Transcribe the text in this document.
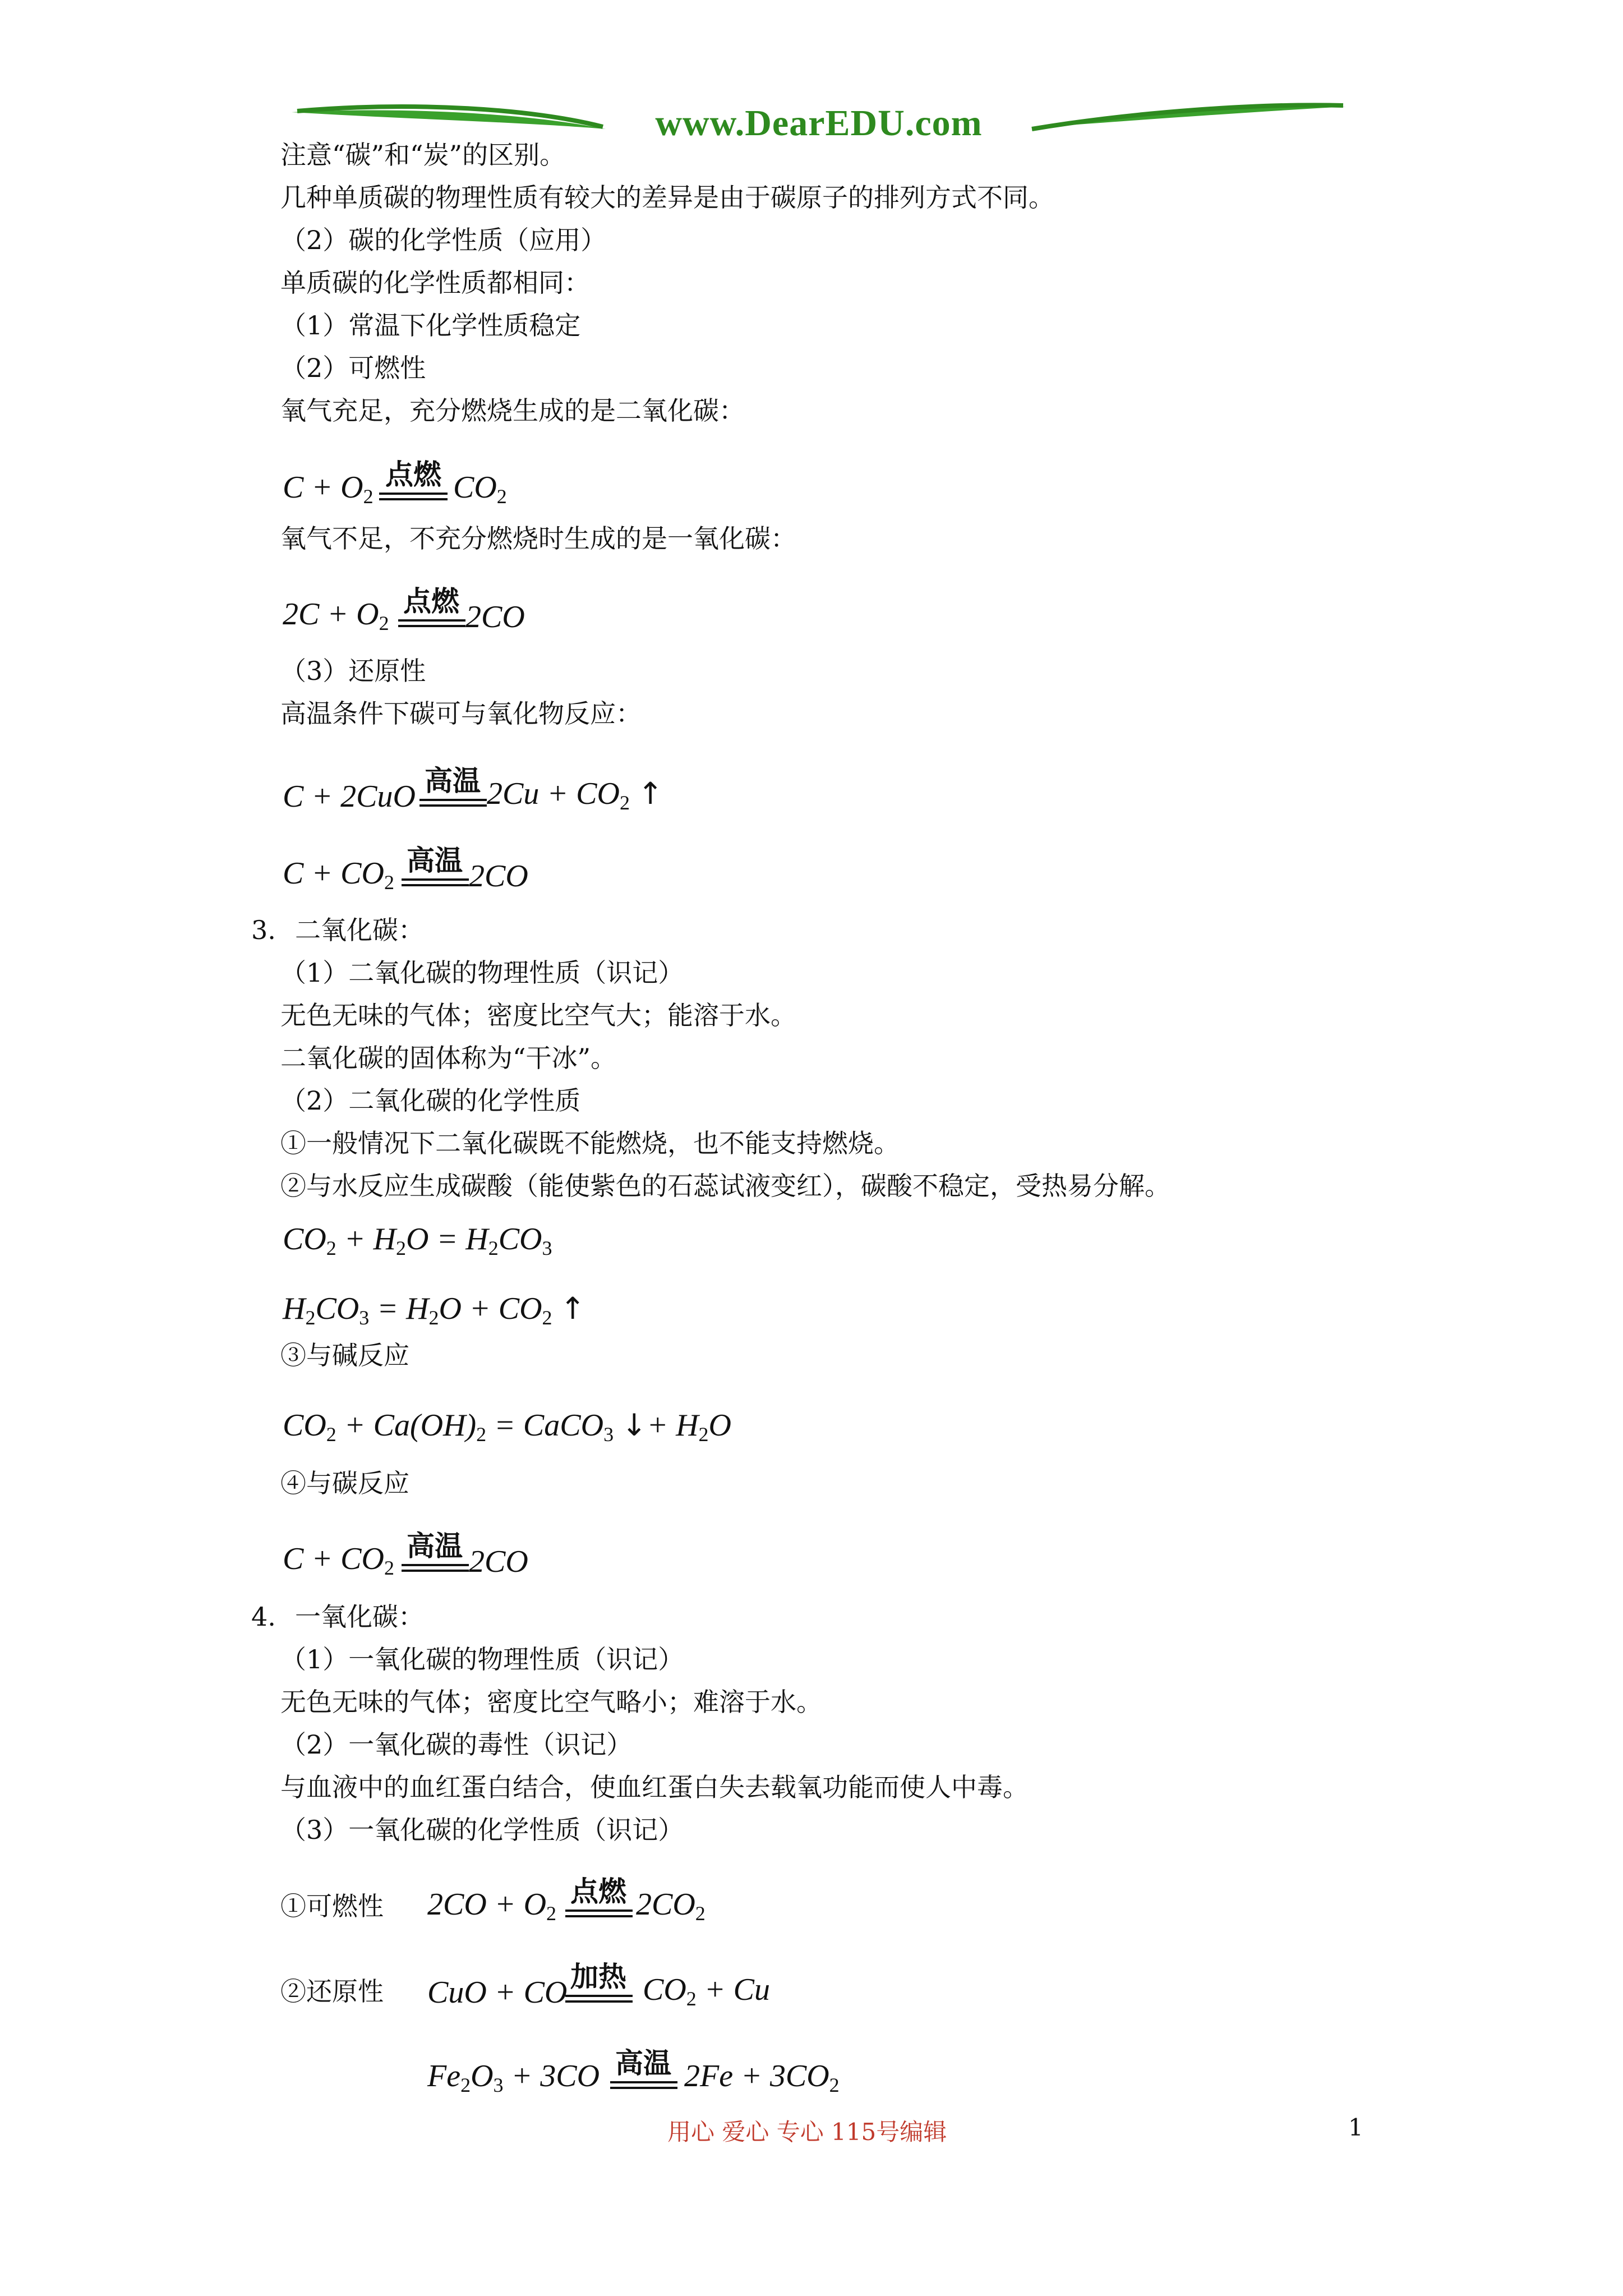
www.DearEDU.com
注意“碳”和“炭”的区别。
几种单质碳的物理性质有较大的差异是由于碳原子的排列方式不同。
（2）碳的化学性质（应用）
单质碳的化学性质都相同：
（1）常温下化学性质稳定
（2）可燃性
氧气充足，充分燃烧生成的是二氧化碳：
$C + O_2$
点燃 $CO_2$
氧气不足，不充分燃烧时生成的是一氧化碳：
$2C + O_2$
点燃 2CO
（3）还原性
高温条件下碳可与氧化物反应：
C + 2CuO 高温 $2Cu + CO_2$ ↑
$C + CO_2$
高温 2CO
3. 二氧化碳：
（1）二氧化碳的物理性质（识记）
无色无味的气体；密度比空气大；能溶于水。
二氧化碳的固体称为“干冰”。
（2）二氧化碳的化学性质
①一般情况下二氧化碳既不能燃烧，也不能支持燃烧。
②与水反应生成碳酸（能使紫色的石蕊试液变红），碳酸不稳定，受热易分解。
$CO_2 + H_2O = H_2CO_3$
$H_2CO_3 = H_2O + CO_2$ ↑
③与碱反应
$CO_2 + Ca(OH)_2$ = CaCO$_3$ ↓+ $H_2O$
④与碳反应
$C + CO_2$
高温 2CO
4. 一氧化碳：
（1）一氧化碳的物理性质（识记）
无色无味的气体；密度比空气略小；难溶于水。
（2）一氧化碳的毒性（识记）
与血液中的血红蛋白结合，使血红蛋白失去载氧功能而使人中毒。
（3）一氧化碳的化学性质（识记）
①可燃性 $2CO + O_2$
点燃 $2CO_2$
②还原性 CuO + CO 加热 $CO_2 + Cu$
$Fe_2O_3 + 3CO$ 高温 $2Fe + 3CO_2$
用心 爱心 专心 115号编辑	1
